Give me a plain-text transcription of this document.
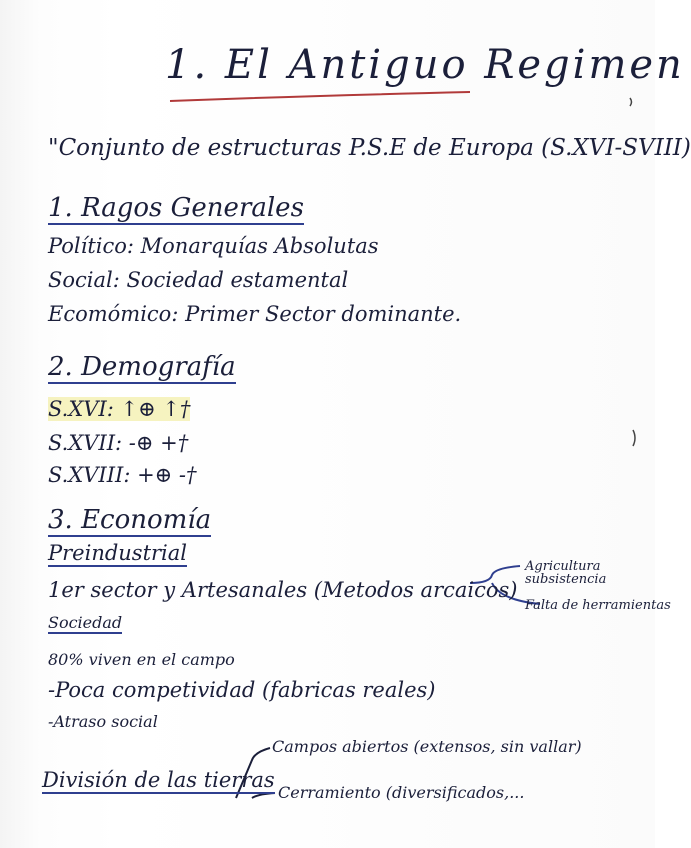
1. El Antiguo Regimen
"Conjunto de estructuras P.S.E de Europa (S.XVI-SVIII)
1. Ragos Generales
Político: Monarquías Absolutas
Social: Sociedad estamental
Ecomómico: Primer Sector dominante.
2. Demografía
S.XVI: ↑⊕ ↑†
S.XVII: -⊕ +†
S.XVIII: +⊕ -†
3. Economía
Preindustrial
1er sector y Artesanales (Metodos arcaicos)
Agricultura subsistencia
Falta de herramientas
Sociedad
80% viven en el campo
-Poca competividad (fabricas reales)
-Atraso social
División de las tierras
Campos abiertos (extensos, sin vallar)
Cerramiento (diversificados,...
